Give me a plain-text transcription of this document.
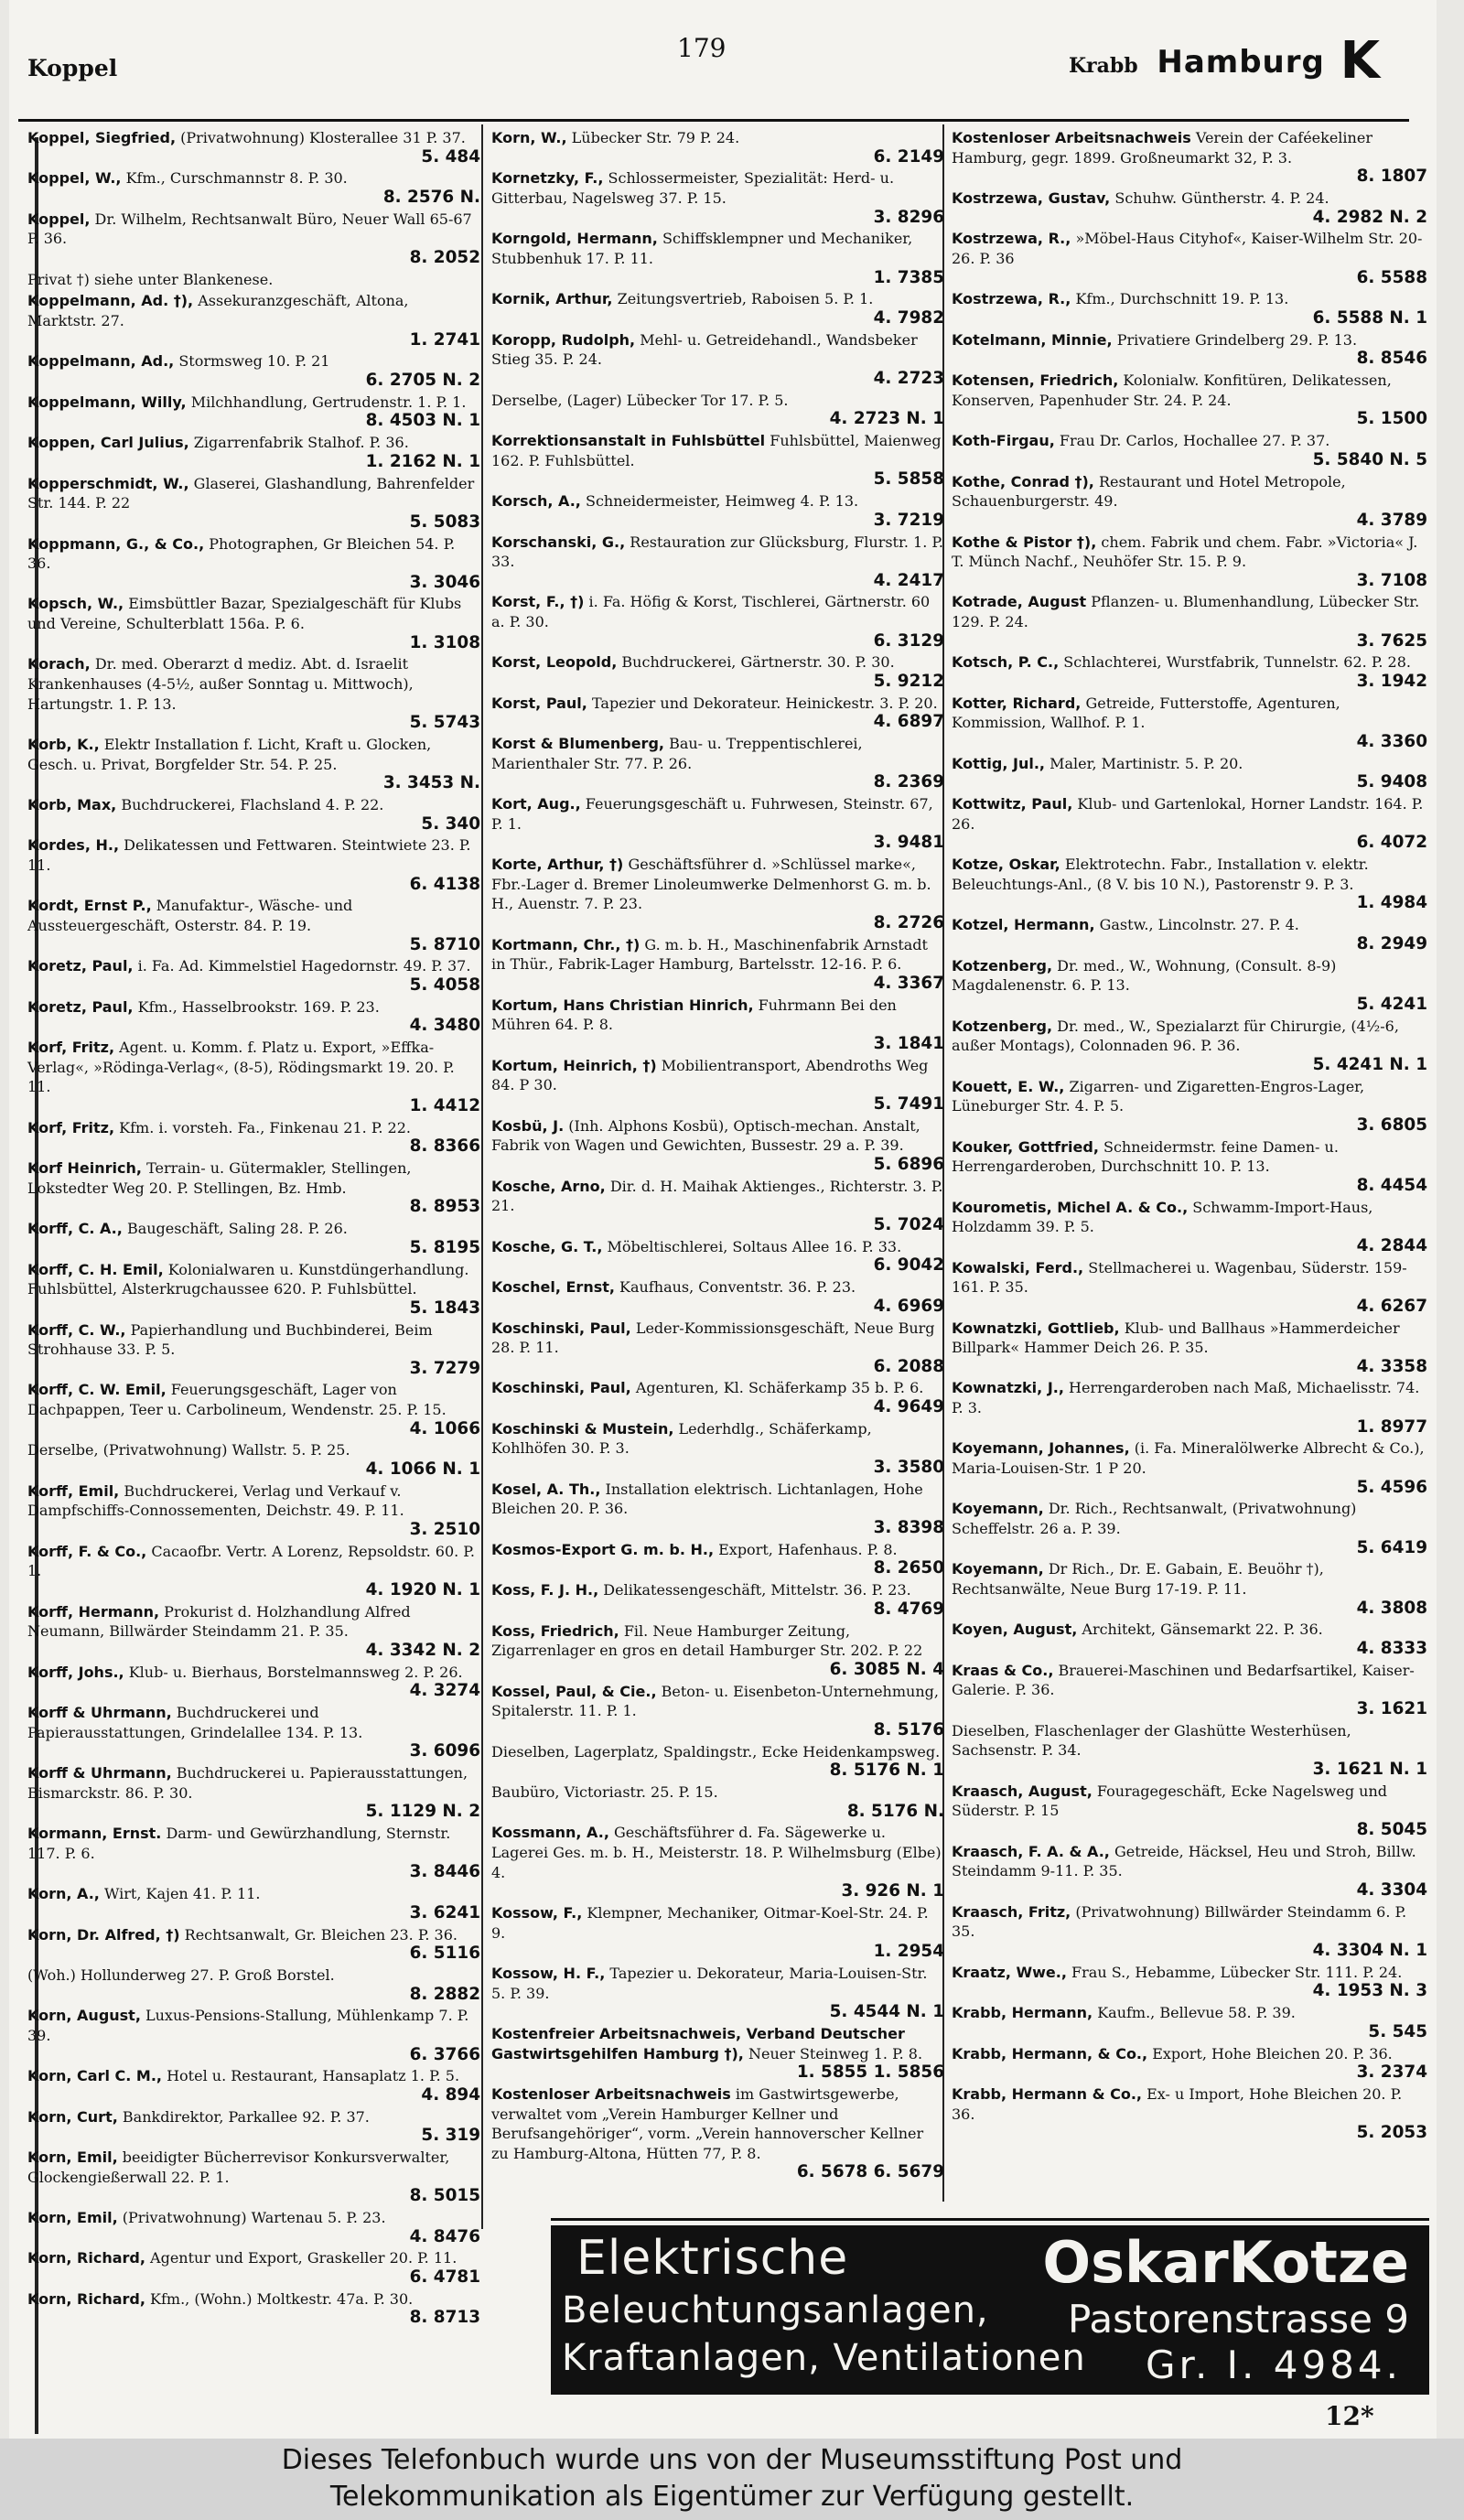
Koppel
179
Krabb Hamburg K
Koppel, Siegfried, (Privatwohnung) Klosterallee 31 P. 37.
5. 484
Koppel, W., Kfm., Curschmannstr 8. P. 30.
8. 2576 N.
Koppel, Dr. Wilhelm, Rechtsanwalt Büro, Neuer Wall 65-67 P. 36.
8. 2052
Privat †) siehe unter Blankenese.
Koppelmann, Ad. †), Assekuranzgeschäft, Altona, Marktstr. 27.
1. 2741
Koppelmann, Ad., Stormsweg 10. P. 21
6. 2705 N. 2
Koppelmann, Willy, Milchhandlung, Gertrudenstr. 1. P. 1.
8. 4503 N. 1
Koppen, Carl Julius, Zigarrenfabrik Stalhof. P. 36.
1. 2162 N. 1
Kopperschmidt, W., Glaserei, Glashandlung, Bahrenfelder Str. 144. P. 22
5. 5083
Koppmann, G., & Co., Photographen, Gr Bleichen 54. P. 36.
3. 3046
Kopsch, W., Eimsbüttler Bazar, Spezialgeschäft für Klubs und Vereine, Schulterblatt 156a. P. 6.
1. 3108
Korach, Dr. med. Oberarzt d mediz. Abt. d. Israelit Krankenhauses (4-5½, außer Sonntag u. Mittwoch), Hartungstr. 1. P. 13.
5. 5743
Korb, K., Elektr Installation f. Licht, Kraft u. Glocken, Gesch. u. Privat, Borgfelder Str. 54. P. 25.
3. 3453 N.
Korb, Max, Buchdruckerei, Flachsland 4. P. 22.
5. 340
Kordes, H., Delikatessen und Fettwaren. Steintwiete 23. P. 11.
6. 4138
Kordt, Ernst P., Manufaktur-, Wäsche- und Aussteuergeschäft, Osterstr. 84. P. 19.
5. 8710
Koretz, Paul, i. Fa. Ad. Kimmelstiel Hagedornstr. 49. P. 37.
5. 4058
Koretz, Paul, Kfm., Hasselbrookstr. 169. P. 23.
4. 3480
Korf, Fritz, Agent. u. Komm. f. Platz u. Export, »Effka-Verlag«, »Rödinga-Verlag«, (8-5), Rödingsmarkt 19. 20. P. 11.
1. 4412
Korf, Fritz, Kfm. i. vorsteh. Fa., Finkenau 21. P. 22.
8. 8366
Korf Heinrich, Terrain- u. Gütermakler, Stellingen, Lokstedter Weg 20. P. Stellingen, Bz. Hmb.
8. 8953
Korff, C. A., Baugeschäft, Saling 28. P. 26.
5. 8195
Korff, C. H. Emil, Kolonialwaren u. Kunstdüngerhandlung. Fuhlsbüttel, Alsterkrugchaussee 620. P. Fuhlsbüttel.
5. 1843
Korff, C. W., Papierhandlung und Buchbinderei, Beim Strohhause 33. P. 5.
3. 7279
Korff, C. W. Emil, Feuerungsgeschäft, Lager von Dachpappen, Teer u. Carbolineum, Wendenstr. 25. P. 15.
4. 1066
Derselbe, (Privatwohnung) Wallstr. 5. P. 25.
4. 1066 N. 1
Korff, Emil, Buchdruckerei, Verlag und Verkauf v. Dampfschiffs-Connossementen, Deichstr. 49. P. 11.
3. 2510
Korff, F. & Co., Cacaofbr. Vertr. A Lorenz, Repsoldstr. 60. P. 1.
4. 1920 N. 1
Korff, Hermann, Prokurist d. Holzhandlung Alfred Neumann, Billwärder Steindamm 21. P. 35.
4. 3342 N. 2
Korff, Johs., Klub- u. Bierhaus, Borstelmannsweg 2. P. 26.
4. 3274
Korff & Uhrmann, Buchdruckerei und Papierausstattungen, Grindelallee 134. P. 13.
3. 6096
Korff & Uhrmann, Buchdruckerei u. Papierausstattungen, Bismarckstr. 86. P. 30.
5. 1129 N. 2
Kormann, Ernst. Darm- und Gewürzhandlung, Sternstr. 117. P. 6.
3. 8446
Korn, A., Wirt, Kajen 41. P. 11.
3. 6241
Korn, Dr. Alfred, †) Rechtsanwalt, Gr. Bleichen 23. P. 36.
6. 5116
(Woh.) Hollunderweg 27. P. Groß Borstel.
8. 2882
Korn, August, Luxus-Pensions-Stallung, Mühlenkamp 7. P. 39.
6. 3766
Korn, Carl C. M., Hotel u. Restaurant, Hansaplatz 1. P. 5.
4. 894
Korn, Curt, Bankdirektor, Parkallee 92. P. 37.
5. 319
Korn, Emil, beeidigter Bücherrevisor Konkursverwalter, Glockengießerwall 22. P. 1.
8. 5015
Korn, Emil, (Privatwohnung) Wartenau 5. P. 23.
4. 8476
Korn, Richard, Agentur und Export, Graskeller 20. P. 11.
6. 4781
Korn, Richard, Kfm., (Wohn.) Moltkestr. 47a. P. 30.
8. 8713
Korn, W., Lübecker Str. 79 P. 24.
6. 2149
Kornetzky, F., Schlossermeister, Spezialität: Herd- u. Gitterbau, Nagelsweg 37. P. 15.
3. 8296
Korngold, Hermann, Schiffsklempner und Mechaniker, Stubbenhuk 17. P. 11.
1. 7385
Kornik, Arthur, Zeitungsvertrieb, Raboisen 5. P. 1.
4. 7982
Koropp, Rudolph, Mehl- u. Getreidehandl., Wandsbeker Stieg 35. P. 24.
4. 2723
Derselbe, (Lager) Lübecker Tor 17. P. 5.
4. 2723 N. 1
Korrektionsanstalt in Fuhlsbüttel Fuhlsbüttel, Maienweg 162. P. Fuhlsbüttel.
5. 5858
Korsch, A., Schneidermeister, Heimweg 4. P. 13.
3. 7219
Korschanski, G., Restauration zur Glücksburg, Flurstr. 1. P. 33.
4. 2417
Korst, F., †) i. Fa. Höfig & Korst, Tischlerei, Gärtnerstr. 60 a. P. 30.
6. 3129
Korst, Leopold, Buchdruckerei, Gärtnerstr. 30. P. 30.
5. 9212
Korst, Paul, Tapezier und Dekorateur. Heinickestr. 3. P. 20.
4. 6897
Korst & Blumenberg, Bau- u. Treppentischlerei, Marienthaler Str. 77. P. 26.
8. 2369
Kort, Aug., Feuerungsgeschäft u. Fuhrwesen, Steinstr. 67, P. 1.
3. 9481
Korte, Arthur, †) Geschäftsführer d. »Schlüssel marke«, Fbr.-Lager d. Bremer Linoleumwerke Delmenhorst G. m. b. H., Auenstr. 7. P. 23.
8. 2726
Kortmann, Chr., †) G. m. b. H., Maschinenfabrik Arnstadt in Thür., Fabrik-Lager Hamburg, Bartelsstr. 12-16. P. 6.
4. 3367
Kortum, Hans Christian Hinrich, Fuhrmann Bei den Mühren 64. P. 8.
3. 1841
Kortum, Heinrich, †) Mobilientransport, Abendroths Weg 84. P 30.
5. 7491
Kosbü, J. (Inh. Alphons Kosbü), Optisch-mechan. Anstalt, Fabrik von Wagen und Gewichten, Bussestr. 29 a. P. 39.
5. 6896
Kosche, Arno, Dir. d. H. Maihak Aktienges., Richterstr. 3. P. 21.
5. 7024
Kosche, G. T., Möbeltischlerei, Soltaus Allee 16. P. 33.
6. 9042
Koschel, Ernst, Kaufhaus, Conventstr. 36. P. 23.
4. 6969
Koschinski, Paul, Leder-Kommissionsgeschäft, Neue Burg 28. P. 11.
6. 2088
Koschinski, Paul, Agenturen, Kl. Schäferkamp 35 b. P. 6.
4. 9649
Koschinski & Mustein, Lederhdlg., Schäferkamp, Kohlhöfen 30. P. 3.
3. 3580
Kosel, A. Th., Installation elektrisch. Lichtanlagen, Hohe Bleichen 20. P. 36.
3. 8398
Kosmos-Export G. m. b. H., Export, Hafenhaus. P. 8.
8. 2650
Koss, F. J. H., Delikatessengeschäft, Mittelstr. 36. P. 23.
8. 4769
Koss, Friedrich, Fil. Neue Hamburger Zeitung, Zigarrenlager en gros en detail Hamburger Str. 202. P. 22
6. 3085 N. 4
Kossel, Paul, & Cie., Beton- u. Eisenbeton-Unternehmung, Spitalerstr. 11. P. 1.
8. 5176
Dieselben, Lagerplatz, Spaldingstr., Ecke Heidenkampsweg.
8. 5176 N. 1
Baubüro, Victoriastr. 25. P. 15.
8. 5176 N.
Kossmann, A., Geschäftsführer d. Fa. Sägewerke u. Lagerei Ges. m. b. H., Meisterstr. 18. P. Wilhelmsburg (Elbe) 4.
3. 926 N. 1
Kossow, F., Klempner, Mechaniker, Oitmar-Koel-Str. 24. P. 9.
1. 2954
Kossow, H. F., Tapezier u. Dekorateur, Maria-Louisen-Str. 5. P. 39.
5. 4544 N. 1
Kostenfreier Arbeitsnachweis, Verband Deutscher Gastwirtsgehilfen Hamburg †), Neuer Steinweg 1. P. 8.
1. 5855 1. 5856
Kostenloser Arbeitsnachweis im Gastwirtsgewerbe, verwaltet vom „Verein Hamburger Kellner und Berufsangehöriger“, vorm. „Verein hannoverscher Kellner zu Hamburg-Altona, Hütten 77, P. 8.
6. 5678 6. 5679
Kostenloser Arbeitsnachweis Verein der Caféekeliner Hamburg, gegr. 1899. Großneumarkt 32, P. 3.
8. 1807
Kostrzewa, Gustav, Schuhw. Güntherstr. 4. P. 24.
4. 2982 N. 2
Kostrzewa, R., »Möbel-Haus Cityhof«, Kaiser-Wilhelm Str. 20-26. P. 36
6. 5588
Kostrzewa, R., Kfm., Durchschnitt 19. P. 13.
6. 5588 N. 1
Kotelmann, Minnie, Privatiere Grindelberg 29. P. 13.
8. 8546
Kotensen, Friedrich, Kolonialw. Konfitüren, Delikatessen, Konserven, Papenhuder Str. 24. P. 24.
5. 1500
Koth-Firgau, Frau Dr. Carlos, Hochallee 27. P. 37.
5. 5840 N. 5
Kothe, Conrad †), Restaurant und Hotel Metropole, Schauenburgerstr. 49.
4. 3789
Kothe & Pistor †), chem. Fabrik und chem. Fabr. »Victoria« J. T. Münch Nachf., Neuhöfer Str. 15. P. 9.
3. 7108
Kotrade, August Pflanzen- u. Blumenhandlung, Lübecker Str. 129. P. 24.
3. 7625
Kotsch, P. C., Schlachterei, Wurstfabrik, Tunnelstr. 62. P. 28.
3. 1942
Kotter, Richard, Getreide, Futterstoffe, Agenturen, Kommission, Wallhof. P. 1.
4. 3360
Kottig, Jul., Maler, Martinistr. 5. P. 20.
5. 9408
Kottwitz, Paul, Klub- und Gartenlokal, Horner Landstr. 164. P. 26.
6. 4072
Kotze, Oskar, Elektrotechn. Fabr., Installation v. elektr. Beleuchtungs-Anl., (8 V. bis 10 N.), Pastorenstr 9. P. 3.
1. 4984
Kotzel, Hermann, Gastw., Lincolnstr. 27. P. 4.
8. 2949
Kotzenberg, Dr. med., W., Wohnung, (Consult. 8-9) Magdalenenstr. 6. P. 13.
5. 4241
Kotzenberg, Dr. med., W., Spezialarzt für Chirurgie, (4½-6, außer Montags), Colonnaden 96. P. 36.
5. 4241 N. 1
Kouett, E. W., Zigarren- und Zigaretten-Engros-Lager, Lüneburger Str. 4. P. 5.
3. 6805
Kouker, Gottfried, Schneidermstr. feine Damen- u. Herrengarderoben, Durchschnitt 10. P. 13.
8. 4454
Kourometis, Michel A. & Co., Schwamm-Import-Haus, Holzdamm 39. P. 5.
4. 2844
Kowalski, Ferd., Stellmacherei u. Wagenbau, Süderstr. 159-161. P. 35.
4. 6267
Kownatzki, Gottlieb, Klub- und Ballhaus »Hammerdeicher Billpark« Hammer Deich 26. P. 35.
4. 3358
Kownatzki, J., Herrengarderoben nach Maß, Michaelisstr. 74. P. 3.
1. 8977
Koyemann, Johannes, (i. Fa. Mineralölwerke Albrecht & Co.), Maria-Louisen-Str. 1 P 20.
5. 4596
Koyemann, Dr. Rich., Rechtsanwalt, (Privatwohnung) Scheffelstr. 26 a. P. 39.
5. 6419
Koyemann, Dr Rich., Dr. E. Gabain, E. Beuöhr †), Rechtsanwälte, Neue Burg 17-19. P. 11.
4. 3808
Koyen, August, Architekt, Gänsemarkt 22. P. 36.
4. 8333
Kraas & Co., Brauerei-Maschinen und Bedarfsartikel, Kaiser-Galerie. P. 36.
3. 1621
Dieselben, Flaschenlager der Glashütte Westerhüsen, Sachsenstr. P. 34.
3. 1621 N. 1
Kraasch, August, Fouragegeschäft, Ecke Nagelsweg und Süderstr. P. 15
8. 5045
Kraasch, F. A. & A., Getreide, Häcksel, Heu und Stroh, Billw. Steindamm 9-11. P. 35.
4. 3304
Kraasch, Fritz, (Privatwohnung) Billwärder Steindamm 6. P. 35.
4. 3304 N. 1
Kraatz, Wwe., Frau S., Hebamme, Lübecker Str. 111. P. 24.
4. 1953 N. 3
Krabb, Hermann, Kaufm., Bellevue 58. P. 39.
5. 545
Krabb, Hermann, & Co., Export, Hohe Bleichen 20. P. 36.
3. 2374
Krabb, Hermann & Co., Ex- u Import, Hohe Bleichen 20. P. 36.
5. 2053
Elektrische
Beleuchtungsanlagen,
Kraftanlagen, Ventilationen
OskarKotze
Pastorenstrasse 9
Gr. I. 4984.
12*
Dieses Telefonbuch wurde uns von der Museumsstiftung Post und
Telekommunikation als Eigentümer zur Verfügung gestellt.
